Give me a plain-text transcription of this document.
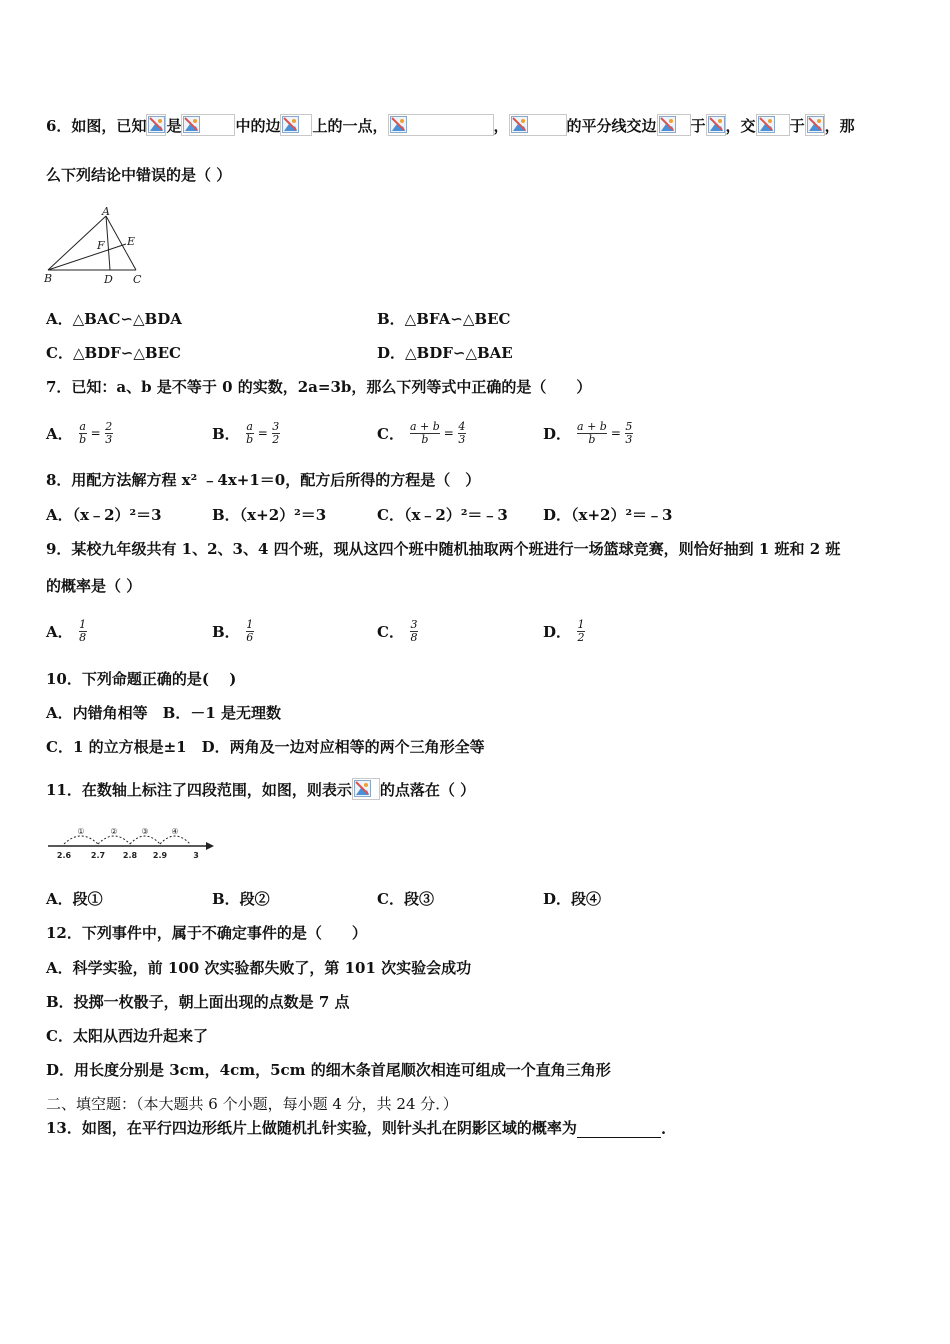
6．如图，已知 是	中的边 上的一点，	，	的平分线交边 于 ，交 于 ，那
么下列结论中错误的是（ ）
A
B	C
D
E
F
A．△BAC∽△BDA	B．△BFA∽△BEC
C．△BDF∽△BEC	D．△BDF∽△BAE
7．已知：a、b 是不等于 0 的实数，2a=3b，那么下列等式中正确的是（　　）
A． $\frac{a}{b} = \frac{2}{3}$	B． $\frac{a}{b} = \frac{3}{2}$	C． $\frac{a + b}{b} = \frac{4}{3}$	D． $\frac{a + b}{b} = \frac{5}{3}$
8．用配方法解方程 x² ﹣4x+1＝0，配方后所得的方程是（　）
A．（x﹣2）²＝3	B．（x+2）²＝3	C．（x﹣2）²＝﹣3 D．（x+2）²＝﹣3
9．某校九年级共有 1、2、3、4 四个班，现从这四个班中随机抽取两个班进行一场篮球竞赛，则恰好抽到 1 班和 2 班
的概率是（ ）
A． $\frac{1}{8}$	B． $\frac{1}{6}$	C． $\frac{3}{8}$	D． $\frac{1}{2}$
10．下列命题正确的是(　 )
A．内错角相等　B．－1 是无理数
C．1 的立方根是±1　D．两角及一边对应相等的两个三角形全等
11．在数轴上标注了四段范围，如图，则表示 的点落在（ ）
①	②	③	④
2.6 2.7 2.8 2.9	3
A．段①	B．段②	C．段③	D．段④
12．下列事件中，属于不确定事件的是（　　）
A．科学实验，前 100 次实验都失败了，第 101 次实验会成功
B．投掷一枚骰子，朝上面出现的点数是 7 点
C．太阳从西边升起来了
D．用长度分别是 3cm，4cm，5cm 的细木条首尾顺次相连可组成一个直角三角形
二、填空题：（本大题共 6 个小题，每小题 4 分，共 24 分．）
13．如图，在平行四边形纸片上做随机扎针实验，则针头扎在阴影区域的概率为	.
